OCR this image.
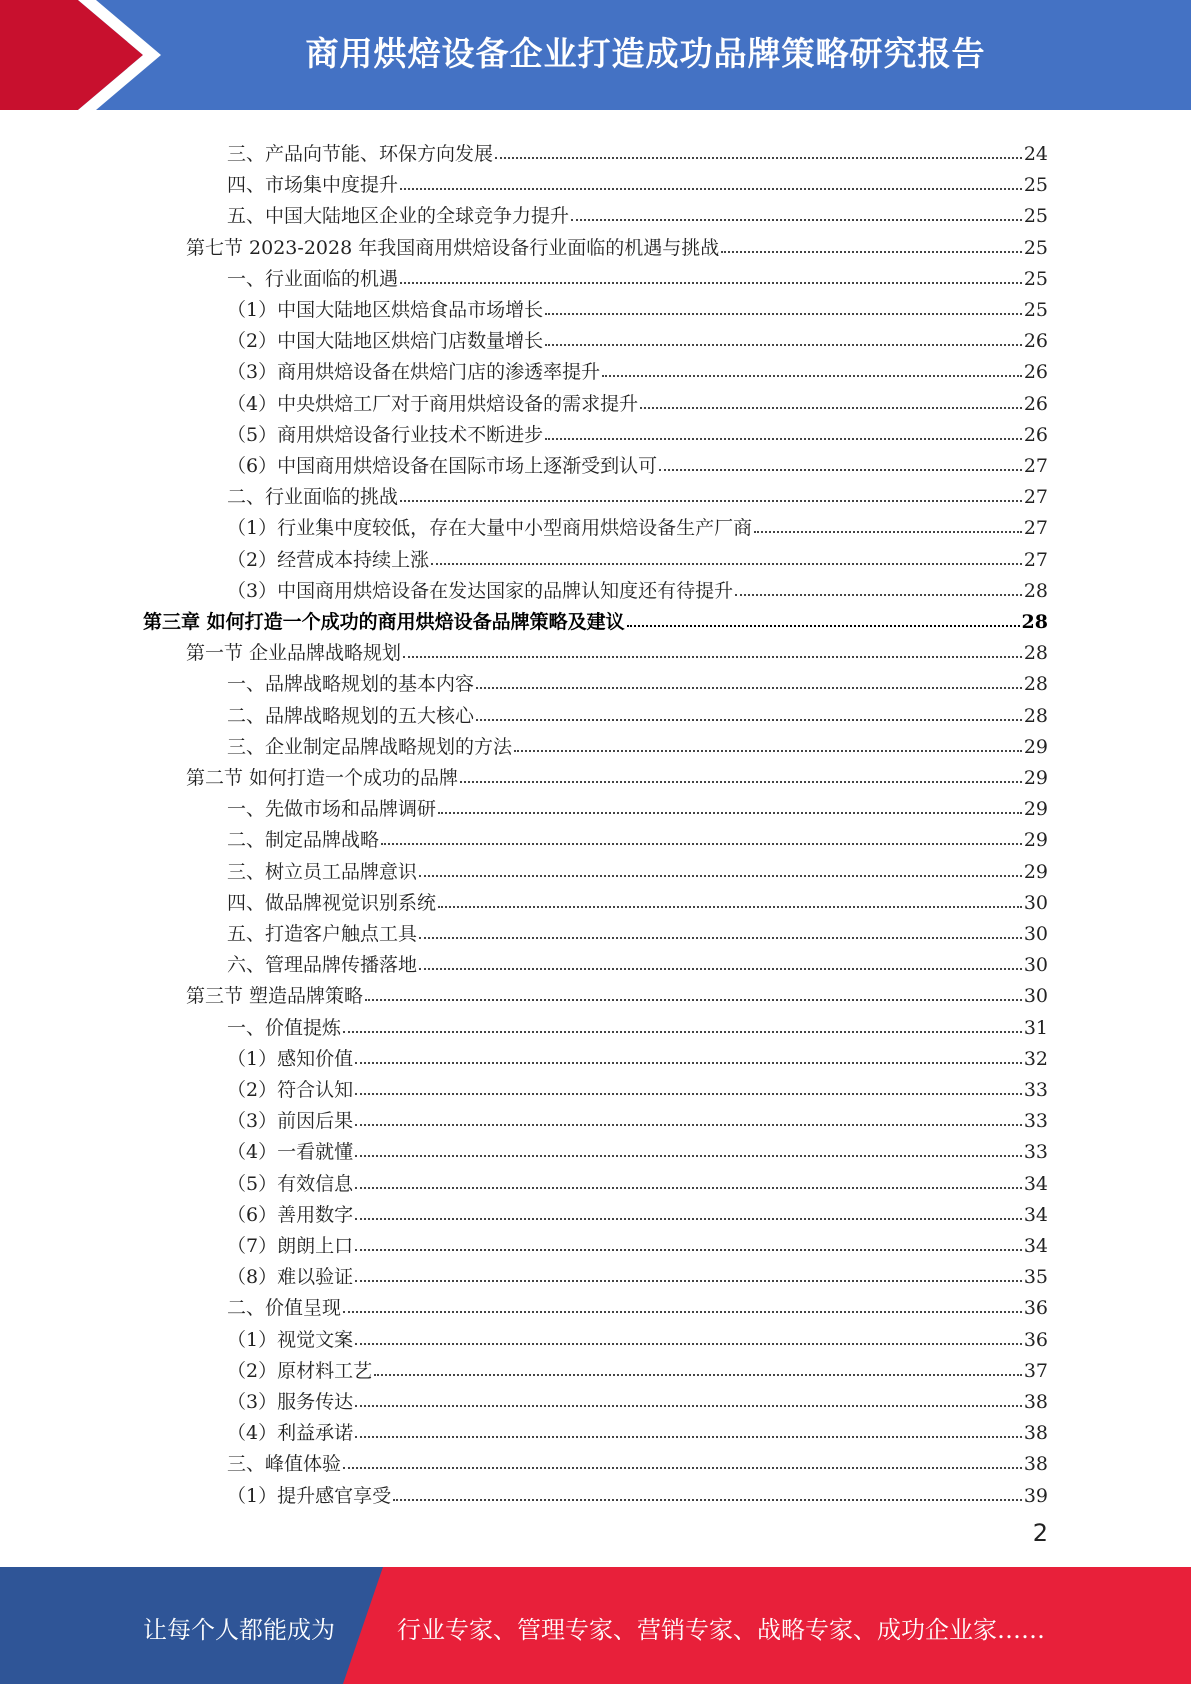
商用烘焙设备企业打造成功品牌策略研究报告
三、产品向节能、环保方向发展	24
四、市场集中度提升	25
五、中国大陆地区企业的全球竞争力提升	25
第七节 2023-2028 年我国商用烘焙设备行业面临的机遇与挑战	25
一、行业面临的机遇	25
（1）中国大陆地区烘焙食品市场增长	25
（2）中国大陆地区烘焙门店数量增长	26
（3）商用烘焙设备在烘焙门店的渗透率提升	26
（4）中央烘焙工厂对于商用烘焙设备的需求提升	26
（5）商用烘焙设备行业技术不断进步	26
（6）中国商用烘焙设备在国际市场上逐渐受到认可	27
二、行业面临的挑战	27
（1）行业集中度较低，存在大量中小型商用烘焙设备生产厂商	27
（2）经营成本持续上涨	27
（3）中国商用烘焙设备在发达国家的品牌认知度还有待提升	28
第三章 如何打造一个成功的商用烘焙设备品牌策略及建议	28
第一节 企业品牌战略规划	28
一、品牌战略规划的基本内容	28
二、品牌战略规划的五大核心	28
三、企业制定品牌战略规划的方法	29
第二节 如何打造一个成功的品牌	29
一、先做市场和品牌调研	29
二、制定品牌战略	29
三、树立员工品牌意识	29
四、做品牌视觉识别系统	30
五、打造客户触点工具	30
六、管理品牌传播落地	30
第三节 塑造品牌策略	30
一、价值提炼	31
（1）感知价值	32
（2）符合认知	33
（3）前因后果	33
（4）一看就懂	33
（5）有效信息	34
（6）善用数字	34
（7）朗朗上口	34
（8）难以验证	35
二、价值呈现	36
（1）视觉文案	36
（2）原材料工艺	37
（3）服务传达	38
（4）利益承诺	38
三、峰值体验	38
（1）提升感官享受	39
2
让每个人都能成为	行业专家、管理专家、营销专家、战略专家、成功企业家……
